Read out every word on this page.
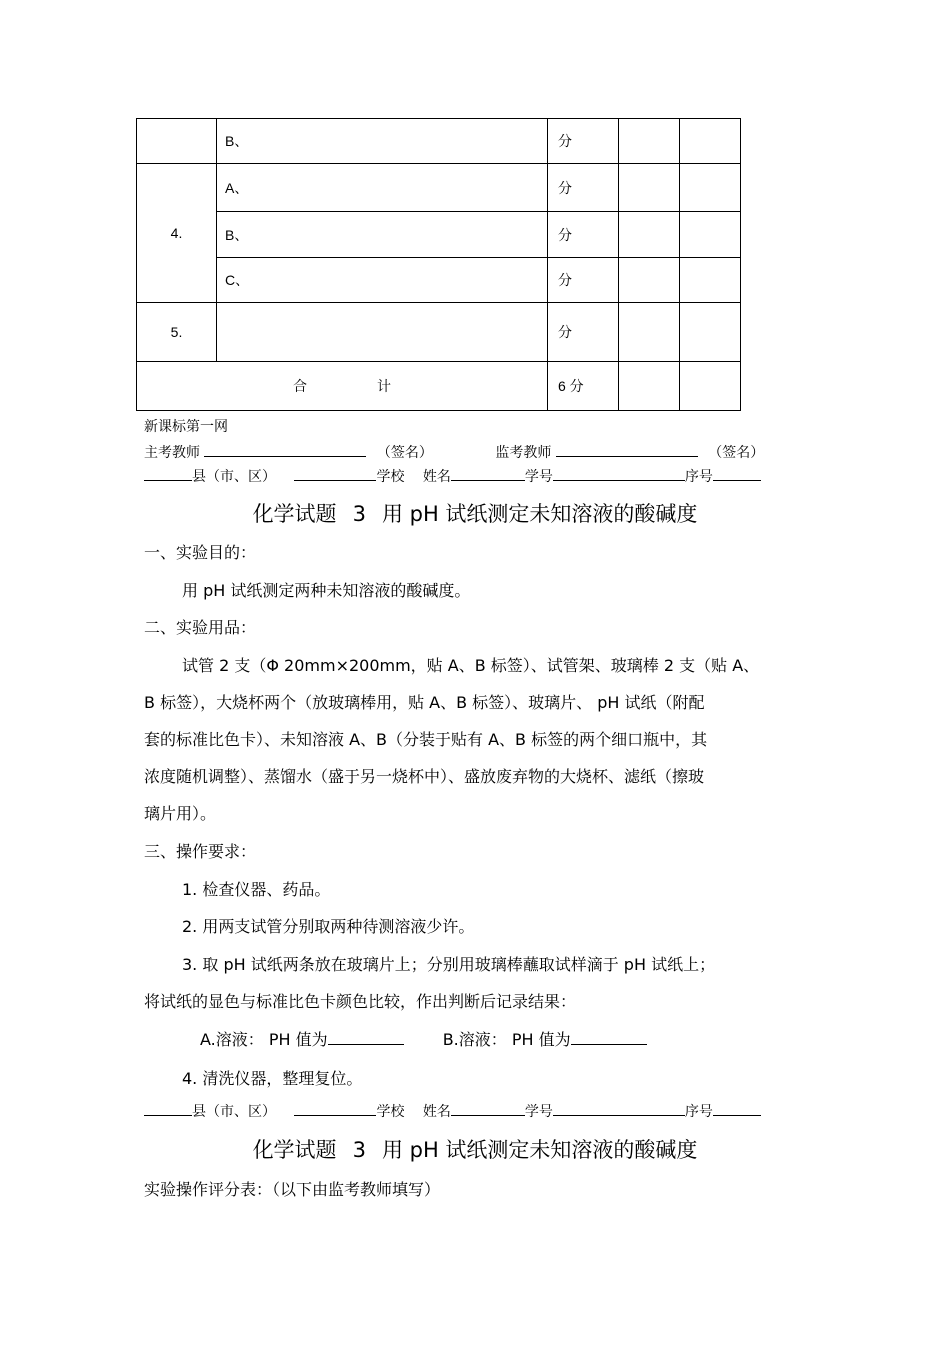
	B、	分		
4.	A、	分		
	B、	分		
	C、	分		
5.		分		
合 计		6 分		
新课标第一网
主考教师	（签名）	监考教师	（签名）
县（市、区）	学校 姓名	学号	序号
化学试题 3 用 pH 试纸测定未知溶液的酸碱度
一、实验目的：
用 pH 试纸测定两种未知溶液的酸碱度。
二、实验用品：
试管 2 支（Φ 20mm×200mm，贴 A、B 标签）、试管架、玻璃棒 2 支（贴 A、
B 标签），大烧杯两个（放玻璃棒用，贴 A、B 标签）、玻璃片、 pH 试纸（附配
套的标准比色卡）、未知溶液 A、B（分装于贴有 A、B 标签的两个细口瓶中，其
浓度随机调整）、蒸馏水（盛于另一烧杯中）、盛放废弃物的大烧杯、滤纸（擦玻
璃片用）。
三、操作要求：
1. 检查仪器、药品。
2. 用两支试管分别取两种待测溶液少许。
3. 取 pH 试纸两条放在玻璃片上；分别用玻璃棒蘸取试样滴于 pH 试纸上；
将试纸的显色与标准比色卡颜色比较，作出判断后记录结果：
A.溶液： PH 值为	B.溶液： PH 值为
4. 清洗仪器，整理复位。
县（市、区）	学校 姓名	学号	序号
化学试题 3 用 pH 试纸测定未知溶液的酸碱度
实验操作评分表：（以下由监考教师填写）
